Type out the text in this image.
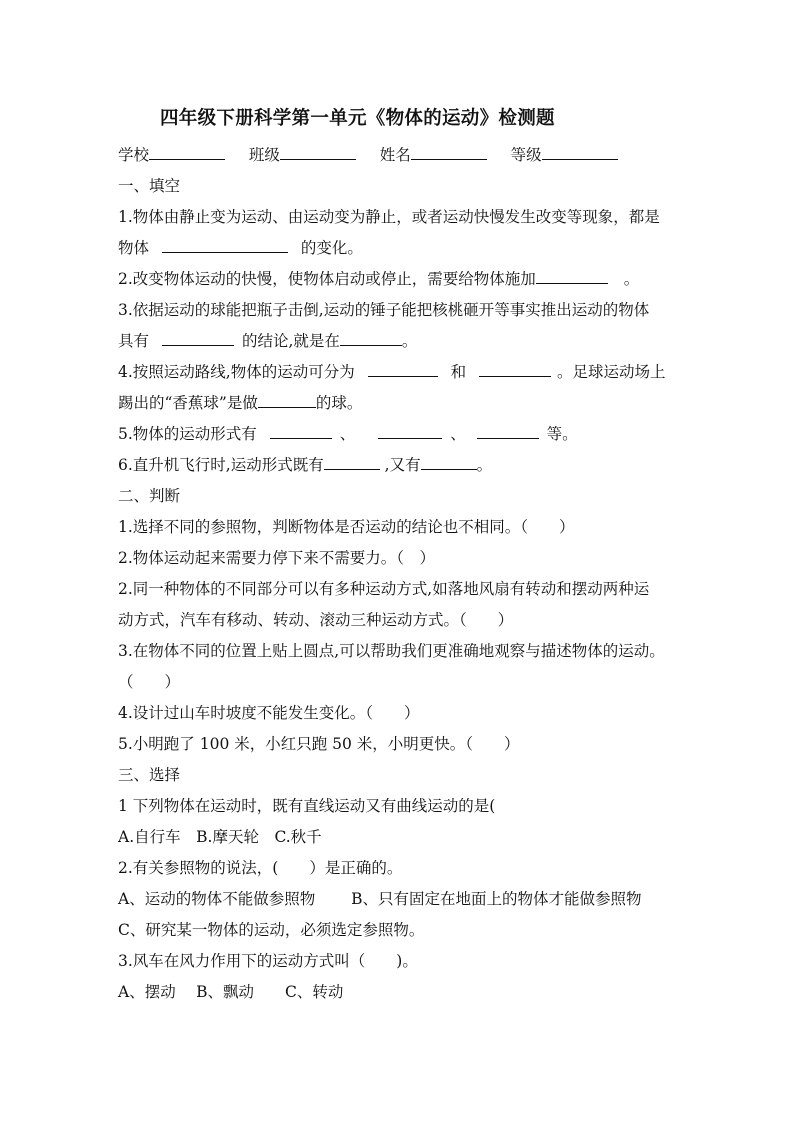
四年级下册科学第一单元《物体的运动》检测题
学校	班级	姓名	等级
一、填空
1.物体由静止变为运动、由运动变为静止，或者运动快慢发生改变等现象，都是
物体	的变化。
2.改变物体运动的快慢，使物体启动或停止，需要给物体施加	。
3.依据运动的球能把瓶子击倒,运动的锤子能把核桃砸开等事实推出运动的物体
具有	的结论,就是在	。
4.按照运动路线,物体的运动可分为	和	。足球运动场上
踢出的“香蕉球”是做	的球。
5.物体的运动形式有	、	、	等。
6.直升机飞行时,运动形式既有	,又有	。
二、判断
1.选择不同的参照物，判断物体是否运动的结论也不相同。（　　）
2.物体运动起来需要力停下来不需要力。（　）
2.同一种物体的不同部分可以有多种运动方式,如落地风扇有转动和摆动两种运
动方式，汽车有移动、转动、滚动三种运动方式。（　　）
3.在物体不同的位置上贴上圆点,可以帮助我们更准确地观察与描述物体的运动。
（　　）
4.设计过山车时坡度不能发生变化。（　　）
5.小明跑了 100 米，小红只跑 50 米，小明更快。（　　）
三、选择
1 下列物体在运动时，既有直线运动又有曲线运动的是(
A.自行车　B.摩天轮　C.秋千
2.有关参照物的说法，(　　）是正确的。
A、运动的物体不能做参照物　　 B、只有固定在地面上的物体才能做参照物
C、研究某一物体的运动，必须选定参照物。
3.风车在风力作用下的运动方式叫（　　)。
A、摆动　 B、飘动　　C、转动
